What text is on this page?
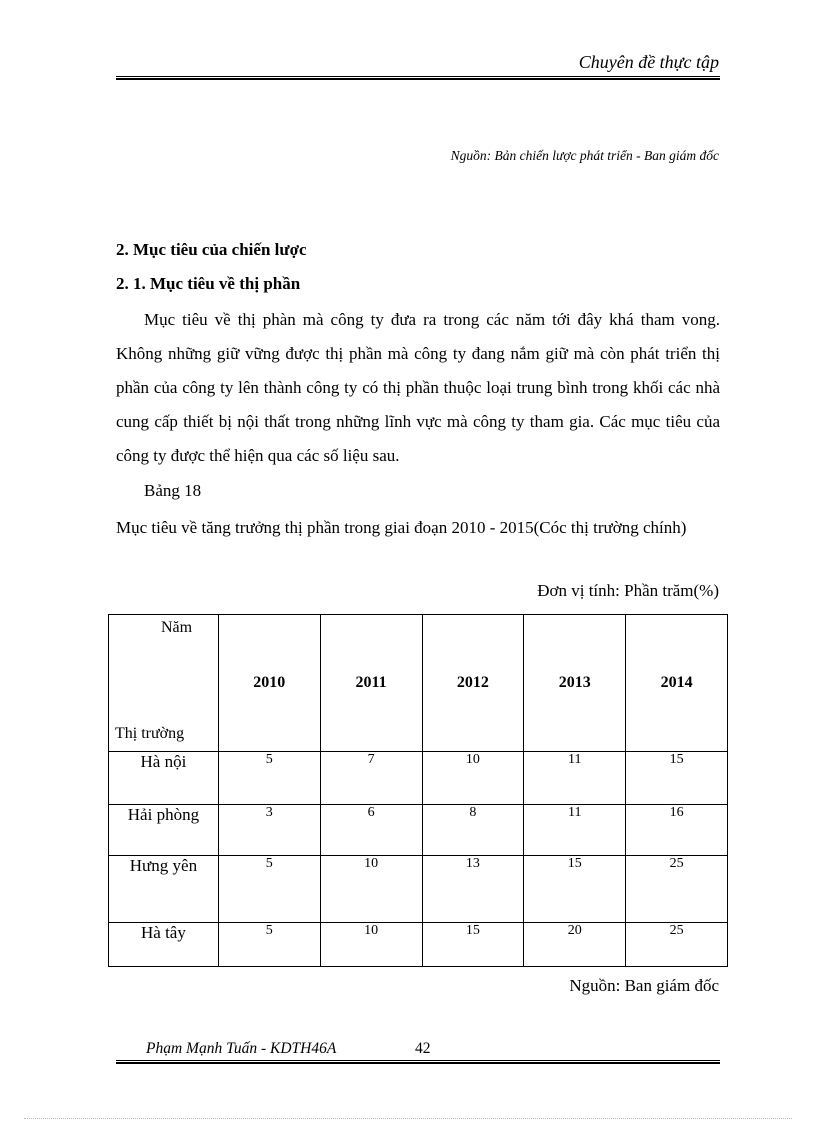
Chuyên đề thực tập
Nguồn: Bản chiến lược phát triển - Ban giám đốc
2. Mục tiêu của chiến lược
2. 1. Mục tiêu về thị phần

Mục tiêu về thị phàn mà công ty đưa ra trong các năm tới đây khá tham vong. Không những giữ vững được thị phần mà công ty đang nắm giữ mà còn phát triển thị phần của công ty lên thành công ty có thị phần thuộc loại trung bình trong khối các nhà cung cấp thiết bị nội thất trong những lĩnh vực mà công ty tham gia. Các mục tiêu của công ty được thể hiện qua các số liệu sau.

Bảng 18

Mục tiêu về tăng trưởng thị phần trong giai đoạn 2010 - 2015(Cóc thị trường chính)

Đơn vị tính: Phần trăm(%)
Năm
Thị trường	2010	2011	2012	2013	2014
Hà nội	5	7	10	11	15
Hải phòng	3	6	8	11	16
Hưng yên	5	10	13	15	25
Hà tây	5	10	15	20	25
Nguồn: Ban giám đốc
Phạm Mạnh Tuấn - KDTH46A	42
